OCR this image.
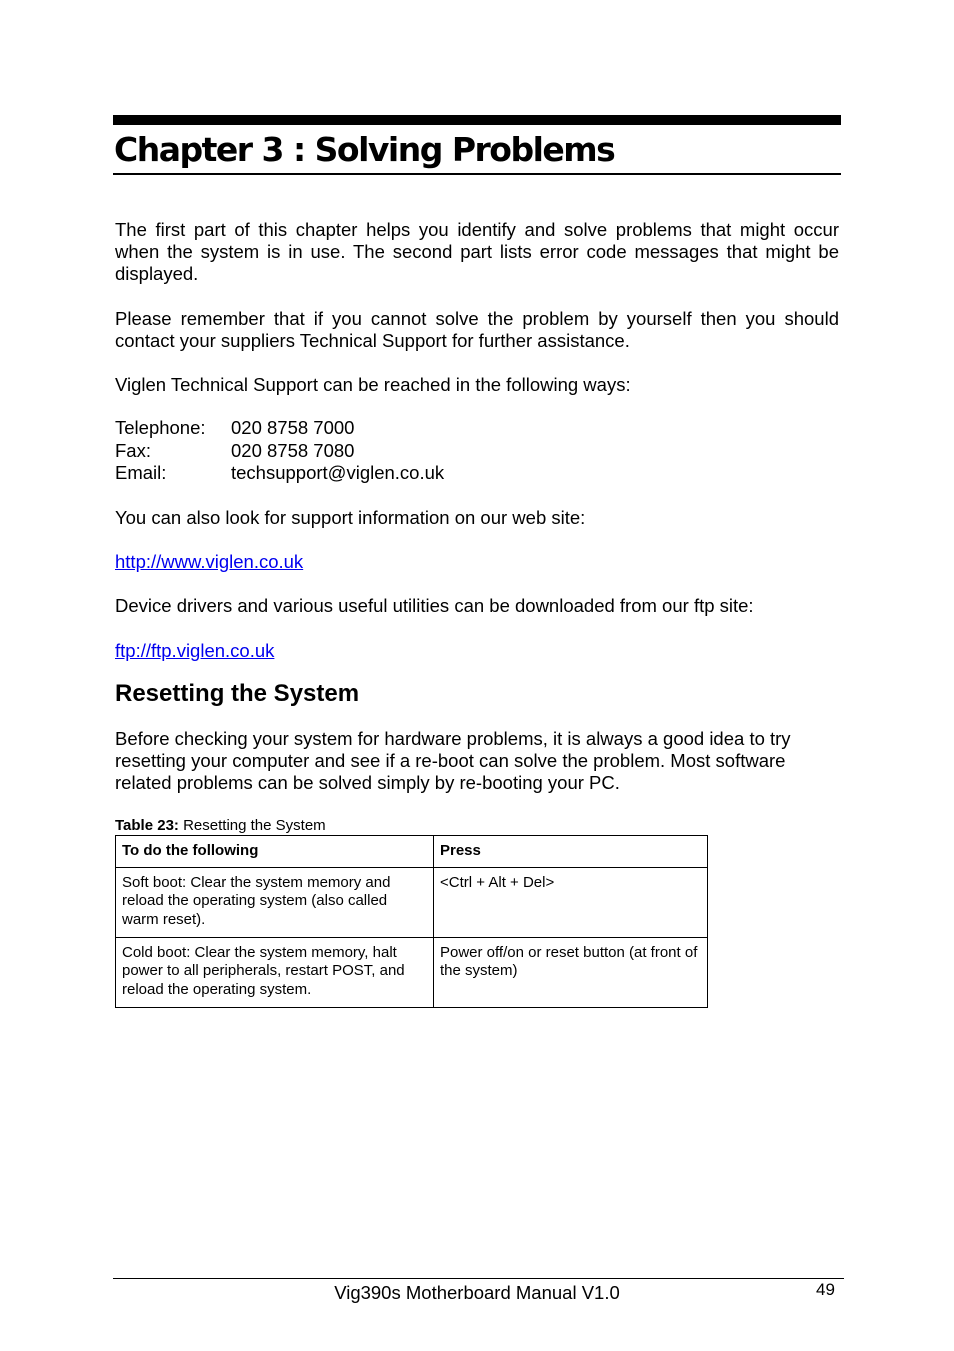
Chapter 3 : Solving Problems

The first part of this chapter helps you identify and solve problems that might occur when the system is in use. The second part lists error code messages that might be displayed.

Please remember that if you cannot solve the problem by yourself then you should contact your suppliers Technical Support for further assistance.

Viglen Technical Support can be reached in the following ways:

Telephone:	020 8758 7000
Fax:	020 8758 7080
Email:	techsupport@viglen.co.uk

You can also look for support information on our web site:

http://www.viglen.co.uk

Device drivers and various useful utilities can be downloaded from our ftp site:

ftp://ftp.viglen.co.uk

Resetting the System

Before checking your system for hardware problems, it is always a good idea to try resetting your computer and see if a re-boot can solve the problem. Most software related problems can be solved simply by re-booting your PC.

Table 23: Resetting the System
To do the following	Press
Soft boot: Clear the system memory and reload the operating system (also called warm reset).	<Ctrl + Alt + Del>
Cold boot: Clear the system memory, halt power to all peripherals, restart POST, and reload the operating system.	Power off/on or reset button (at front of the system)
Vig390s Motherboard Manual V1.0	49
